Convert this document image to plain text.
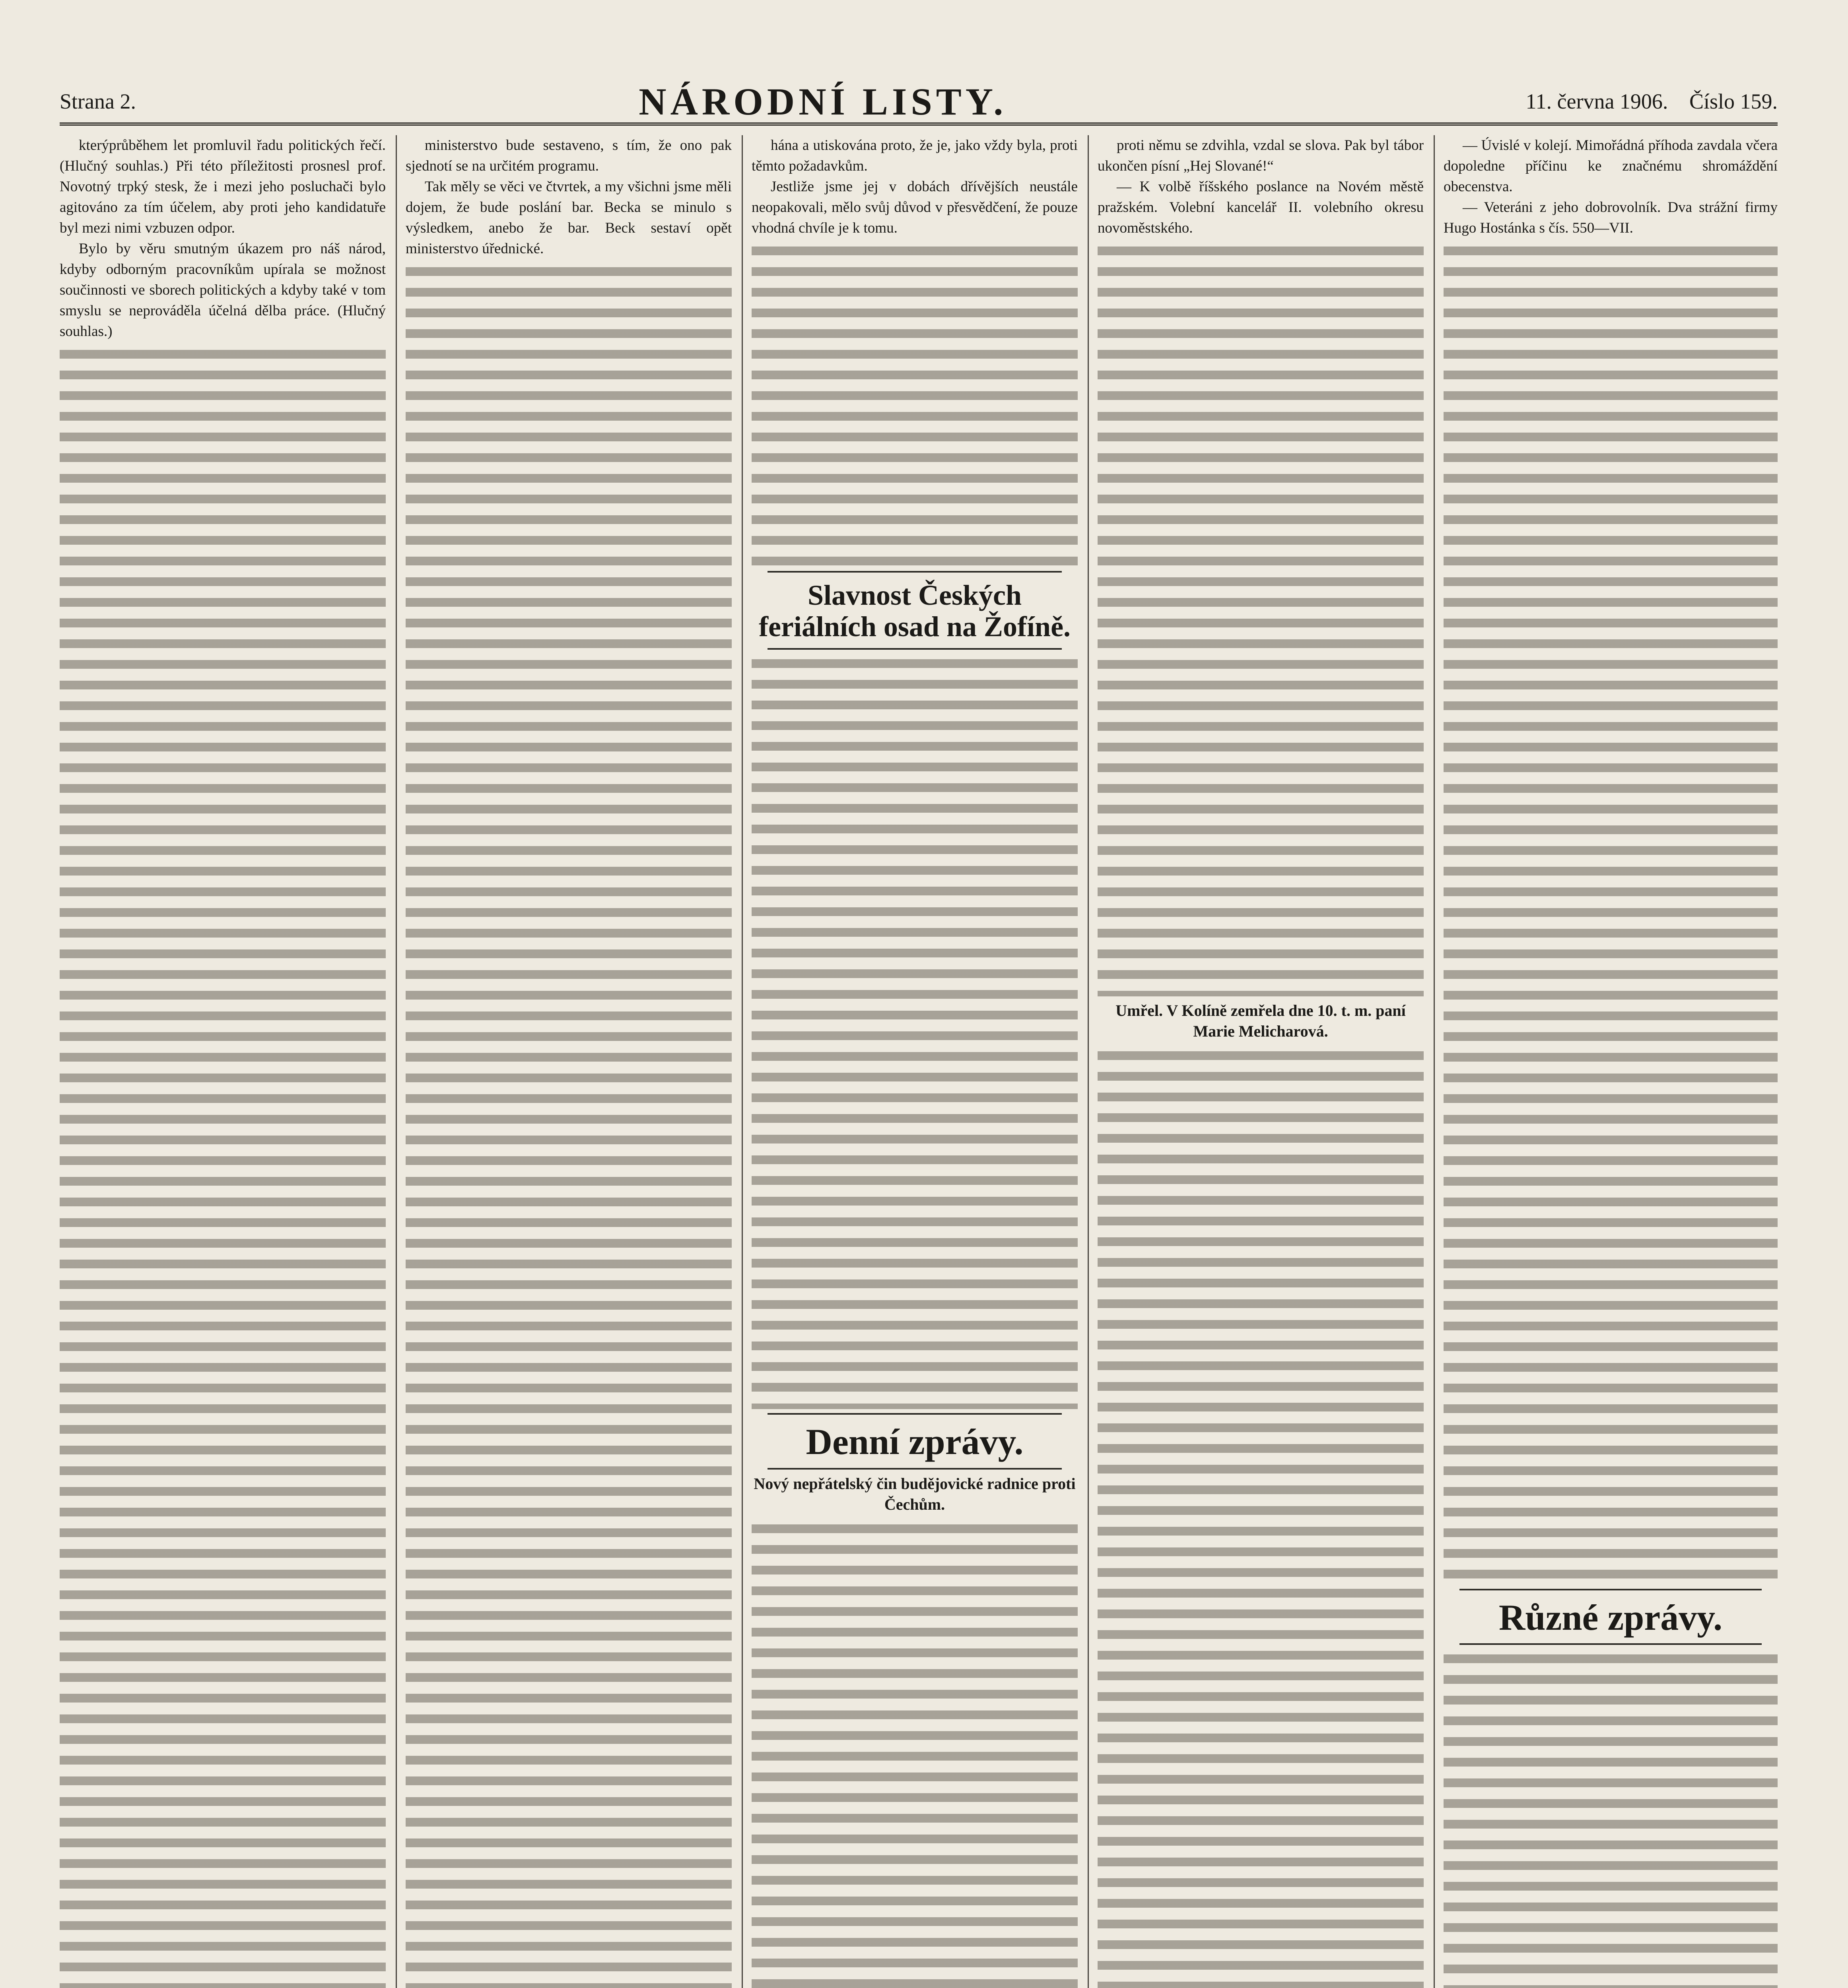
Strana 2.	NÁRODNÍ LISTY.	11. června 1906. Číslo 159.

kterýprůběhem let promluvil řadu politických řečí. (Hlučný souhlas.) Při této příležitosti prosnesl prof. Novotný trpký stesk, že i mezi jeho posluchači bylo agitováno za tím účelem, aby proti jeho kandidatuře byl mezi nimi vzbuzen odpor.

Bylo by věru smutným úkazem pro náš národ, kdyby odborným pracovníkům upírala se možnost součinnosti ve sborech politických a kdyby také v tom smyslu se neprováděla účelná dělba práce. (Hlučný souhlas.)

ministerstvo bude sestaveno, s tím, že ono pak sjednotí se na určitém programu.

Tak měly se věci ve čtvrtek, a my všichni jsme měli dojem, že bude poslání bar. Becka se minulo s výsledkem, anebo že bar. Beck sestaví opět ministerstvo úřednické.

hána a utiskována proto, že je, jako vždy byla, proti těmto požadavkům.

Jestliže jsme jej v dobách dřívějších neustále neopakovali, mělo svůj důvod v přesvědčení, že pouze vhodná chvíle je k tomu.

Slavnost Českých feriálních osad na Žofíně.
Denní zprávy.
Nový nepřátelský čin budějovické radnice proti Čechům.

proti němu se zdvihla, vzdal se slova. Pak byl tábor ukončen písní „Hej Slované!“

— K volbě říšského poslance na Novém městě pražském. Volební kancelář II. volebního okresu novoměstského.

Umřel. V Kolíně zemřela dne 10. t. m. paní Marie Melicharová.

— Úvislé v kolejí. Mimořádná příhoda zavdala včera dopoledne příčinu ke značnému shromáždění obecenstva.

— Veteráni z jeho dobrovolník. Dva strážní firmy Hugo Hostánka s čís. 550—VII.

Různé zprávy.
